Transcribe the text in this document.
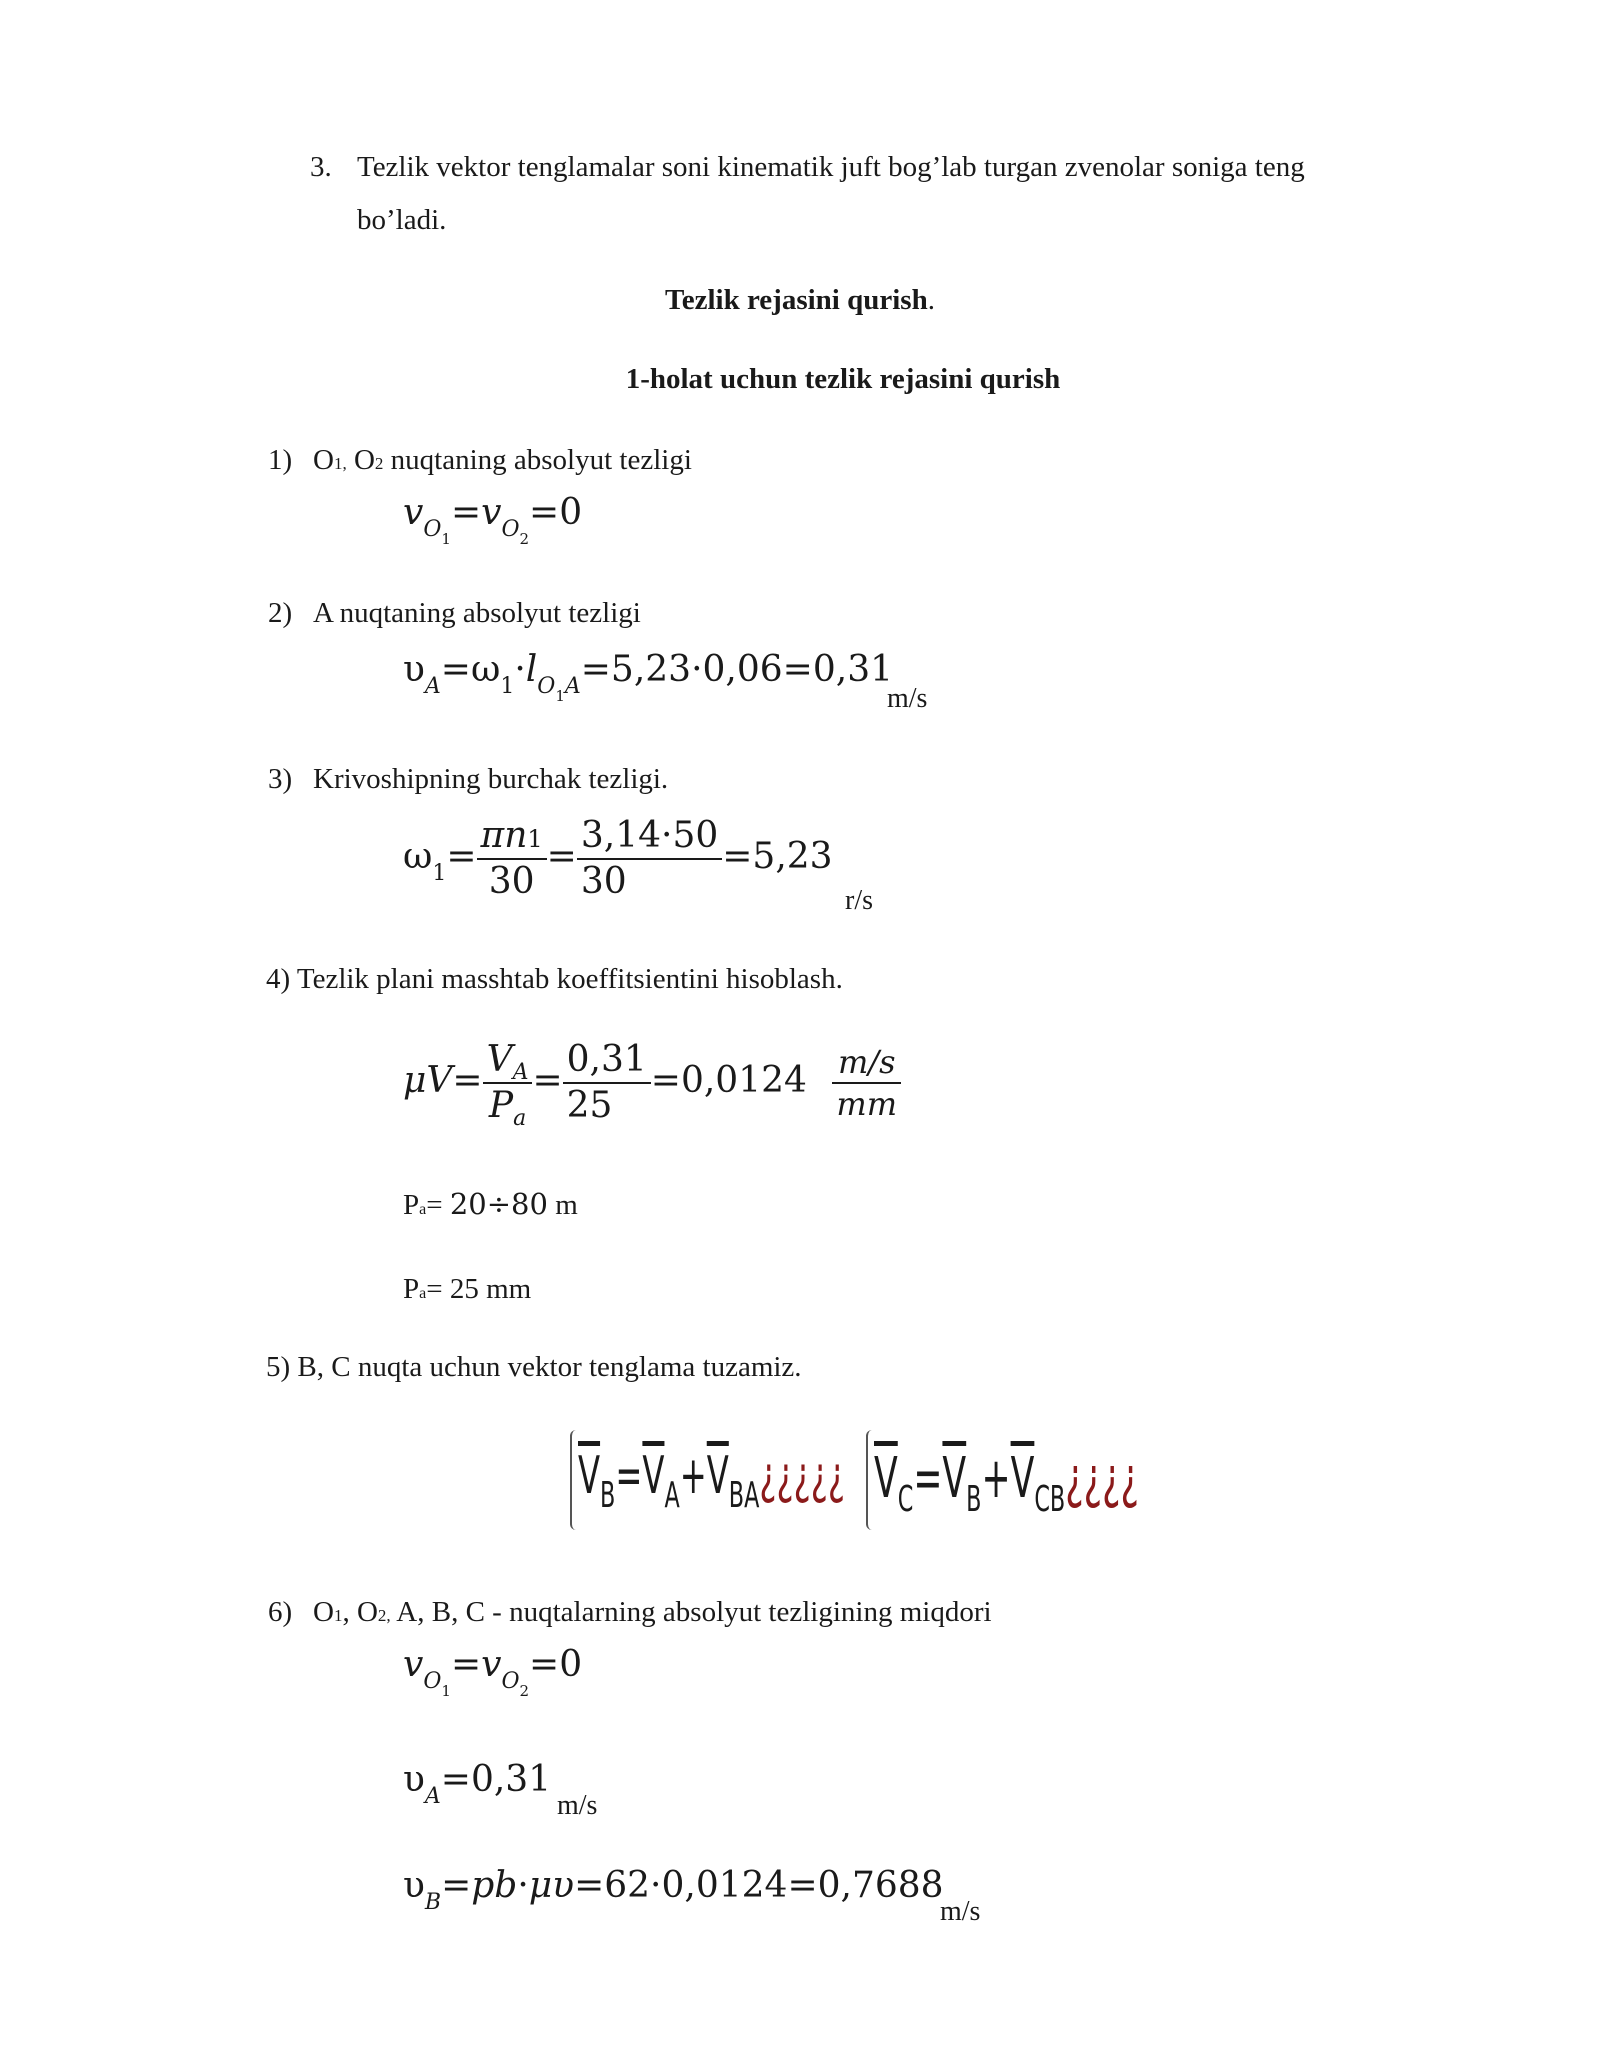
3. Tezlik vektor tenglamalar soni kinematik juft bog’lab turgan zvenolar soniga teng
bo’ladi.
Tezlik rejasini qurish.
1-holat uchun tezlik rejasini qurish
1) O1, O2 nuqtaning absolyut tezligi
$v_{O_1}=v_{O_2}=0$
2) A nuqtaning absolyut tezligi
$\upsilon_A=\omega_1\cdot l_{O_1A}=5,23\cdot 0,06=0,31$
m/s
3) Krivoshipning burchak tezligi.
$\omega_1= \frac{\pi n1}{30} = \frac{3,14\cdot 50}{30} =5,23$
r/s
4) Tezlik plani masshtab koeffitsientini hisoblash.
$\mu V= \frac{V_A}{P_a} = \frac{0,31}{25} =0,0124 \frac{m/s}{mm}$
Pa= 20÷80 m
Pa= 25 mm
5) B, C nuqta uchun vektor tenglama tuzamiz.
$\overline{V}_B=\overline{V}_A+\overline{V}_{BA}¿¿¿¿¿$ $\overline{V}_C=\overline{V}_B+\overline{V}_{CB}¿¿¿¿$
6) O1, O2, A, B, C - nuqtalarning absolyut tezligining miqdori
$v_{O_1}=v_{O_2}=0$
$\upsilon_A=0,31$
m/s
$\upsilon_B=pb\cdot\mu\upsilon=62\cdot 0,0124=0,7688$
m/s
